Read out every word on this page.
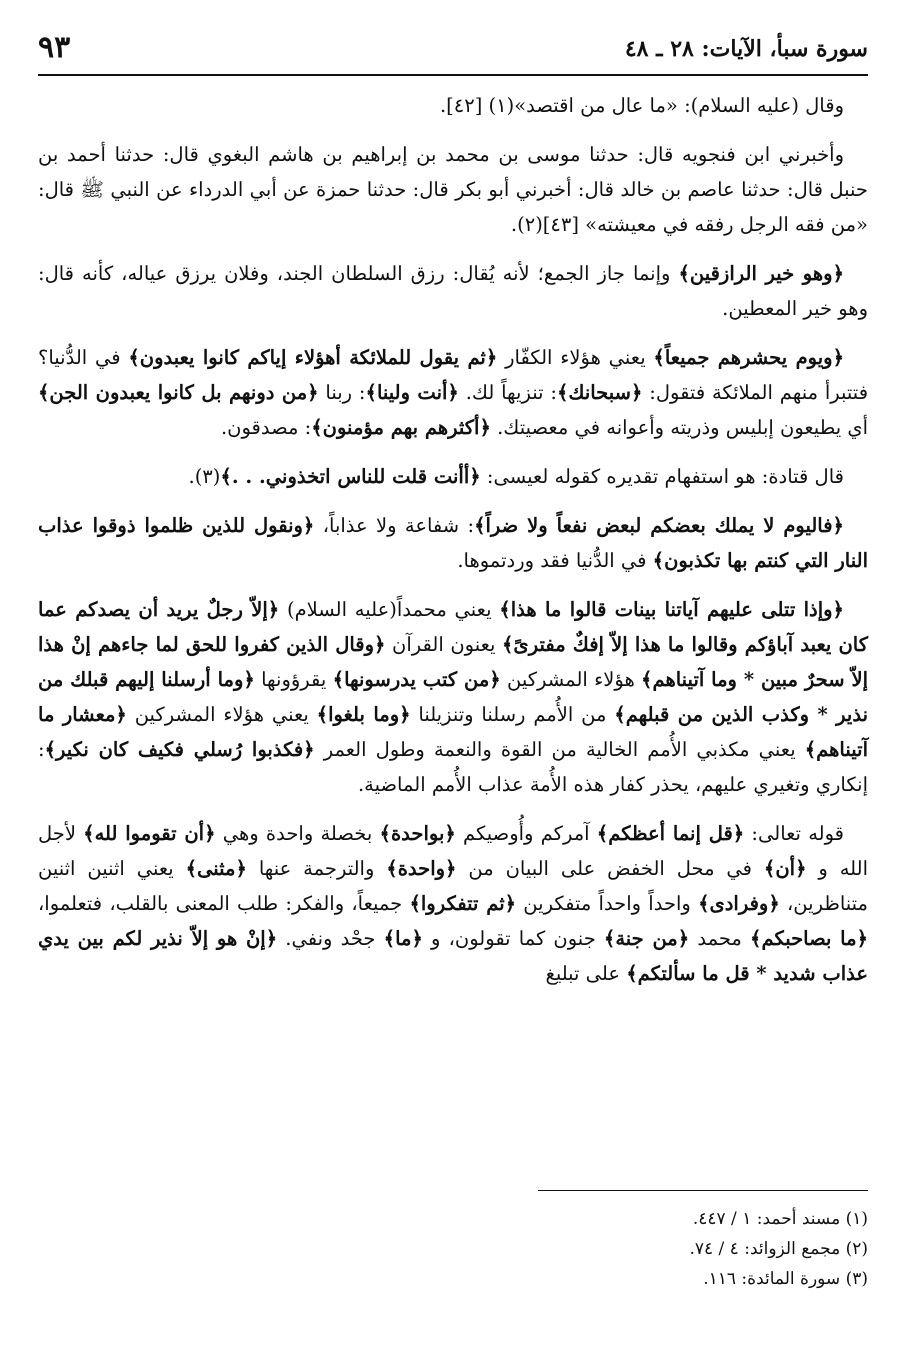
سورة سبأ، الآيات: ٢٨ ـ ٤٨
٩٣

وقال (عليه السلام): «ما عال من اقتصد»(١) [٤٢].

وأخبرني ابن فنجويه قال: حدثنا موسى بن محمد بن إبراهيم بن هاشم البغوي قال: حدثنا أحمد بن حنبل قال: حدثنا عاصم بن خالد قال: أخبرني أبو بكر قال: حدثنا حمزة عن أبي الدرداء عن النبي ﷺ قال: «من فقه الرجل رفقه في معيشته» [٤٣](٢).

﴿وهو خير الرازقين﴾ وإنما جاز الجمع؛ لأنه يُقال: رزق السلطان الجند، وفلان يرزق عياله، كأنه قال: وهو خير المعطين.

﴿ويوم يحشرهم جميعاً﴾ يعني هؤلاء الكفّار ﴿ثم يقول للملائكة أهؤلاء إياكم كانوا يعبدون﴾ في الدُّنيا؟ فتتبرأ منهم الملائكة فتقول: ﴿سبحانك﴾: تنزيهاً لك. ﴿أنت ولينا﴾: ربنا ﴿من دونهم بل كانوا يعبدون الجن﴾ أي يطيعون إبليس وذريته وأعوانه في معصيتك. ﴿أكثرهم بهم مؤمنون﴾: مصدقون.

قال قتادة: هو استفهام تقديره كقوله لعيسى: ﴿أأنت قلت للناس اتخذوني. . .﴾(٣).

﴿فاليوم لا يملك بعضكم لبعض نفعاً ولا ضراً﴾: شفاعة ولا عذاباً، ﴿ونقول للذين ظلموا ذوقوا عذاب النار التي كنتم بها تكذبون﴾ في الدُّنيا فقد وردتموها.

﴿وإذا تتلى عليهم آياتنا بينات قالوا ما هذا﴾ يعني محمداً(عليه السلام) ﴿إلاّ رجلٌ يريد أن يصدكم عما كان يعبد آباؤكم وقالوا ما هذا إلاّ إفكٌ مفترىً﴾ يعنون القرآن ﴿وقال الذين كفروا للحق لما جاءهم إنْ هذا إلاّ سحرٌ مبين * وما آتيناهم﴾ هؤلاء المشركين ﴿من كتب يدرسونها﴾ يقرؤونها ﴿وما أرسلنا إليهم قبلك من نذير * وكذب الذين من قبلهم﴾ من الأُمم رسلنا وتنزيلنا ﴿وما بلغوا﴾ يعني هؤلاء المشركين ﴿معشار ما آتيناهم﴾ يعني مكذبي الأُمم الخالية من القوة والنعمة وطول العمر ﴿فكذبوا رُسلي فكيف كان نكير﴾: إنكاري وتغيري عليهم، يحذر كفار هذه الأُمة عذاب الأُمم الماضية.

قوله تعالى: ﴿قل إنما أعظكم﴾ آمركم وأُوصيكم ﴿بواحدة﴾ بخصلة واحدة وهي ﴿أن تقوموا لله﴾ لأجل الله و ﴿أن﴾ في محل الخفض على البيان من ﴿واحدة﴾ والترجمة عنها ﴿مثنى﴾ يعني اثنين اثنين متناظرين، ﴿وفرادى﴾ واحداً واحداً متفكرين ﴿ثم تتفكروا﴾ جميعاً، والفكر: طلب المعنى بالقلب، فتعلموا، ﴿ما بصاحبكم﴾ محمد ﴿من جنة﴾ جنون كما تقولون، و ﴿ما﴾ جحْد ونفي. ﴿إنْ هو إلاّ نذير لكم بين يدي عذاب شديد * قل ما سألتكم﴾ على تبليغ

(١) مسند أحمد: ١ / ٤٤٧.

(٢) مجمع الزوائد: ٤ / ٧٤.

(٣) سورة المائدة: ١١٦.
